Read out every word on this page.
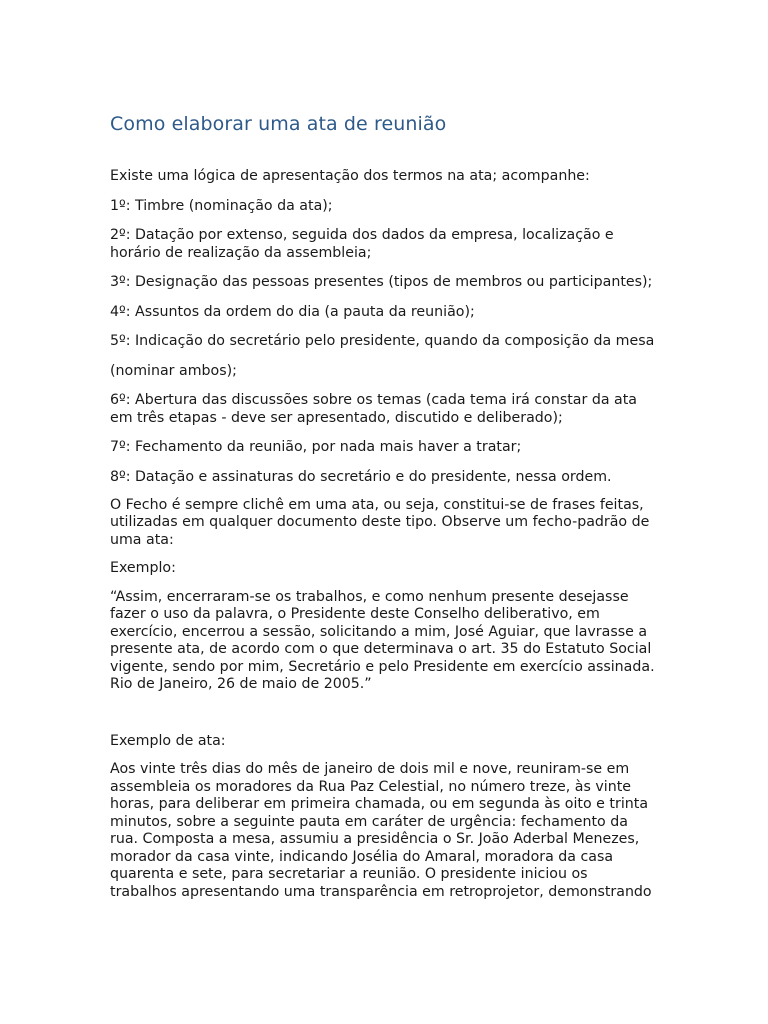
Como elaborar uma ata de reunião
Existe uma lógica de apresentação dos termos na ata; acompanhe:
1º: Timbre (nominação da ata);
2º: Datação por extenso, seguida dos dados da empresa, localização e
horário de realização da assembleia;
3º: Designação das pessoas presentes (tipos de membros ou participantes);
4º: Assuntos da ordem do dia (a pauta da reunião);
5º: Indicação do secretário pelo presidente, quando da composição da mesa
(nominar ambos);
6º: Abertura das discussões sobre os temas (cada tema irá constar da ata
em três etapas - deve ser apresentado, discutido e deliberado);
7º: Fechamento da reunião, por nada mais haver a tratar;
8º: Datação e assinaturas do secretário e do presidente, nessa ordem.
O Fecho é sempre clichê em uma ata, ou seja, constitui-se de frases feitas,
utilizadas em qualquer documento deste tipo. Observe um fecho-padrão de
uma ata:
Exemplo:
“Assim, encerraram-se os trabalhos, e como nenhum presente desejasse
fazer o uso da palavra, o Presidente deste Conselho deliberativo, em
exercício, encerrou a sessão, solicitando a mim, José Aguiar, que lavrasse a
presente ata, de acordo com o que determinava o art. 35 do Estatuto Social
vigente, sendo por mim, Secretário e pelo Presidente em exercício assinada.
Rio de Janeiro, 26 de maio de 2005.”
Exemplo de ata:
Aos vinte três dias do mês de janeiro de dois mil e nove, reuniram-se em
assembleia os moradores da Rua Paz Celestial, no número treze, às vinte
horas, para deliberar em primeira chamada, ou em segunda às oito e trinta
minutos, sobre a seguinte pauta em caráter de urgência: fechamento da
rua. Composta a mesa, assumiu a presidência o Sr. João Aderbal Menezes,
morador da casa vinte, indicando Josélia do Amaral, moradora da casa
quarenta e sete, para secretariar a reunião. O presidente iniciou os
trabalhos apresentando uma transparência em retroprojetor, demonstrando
